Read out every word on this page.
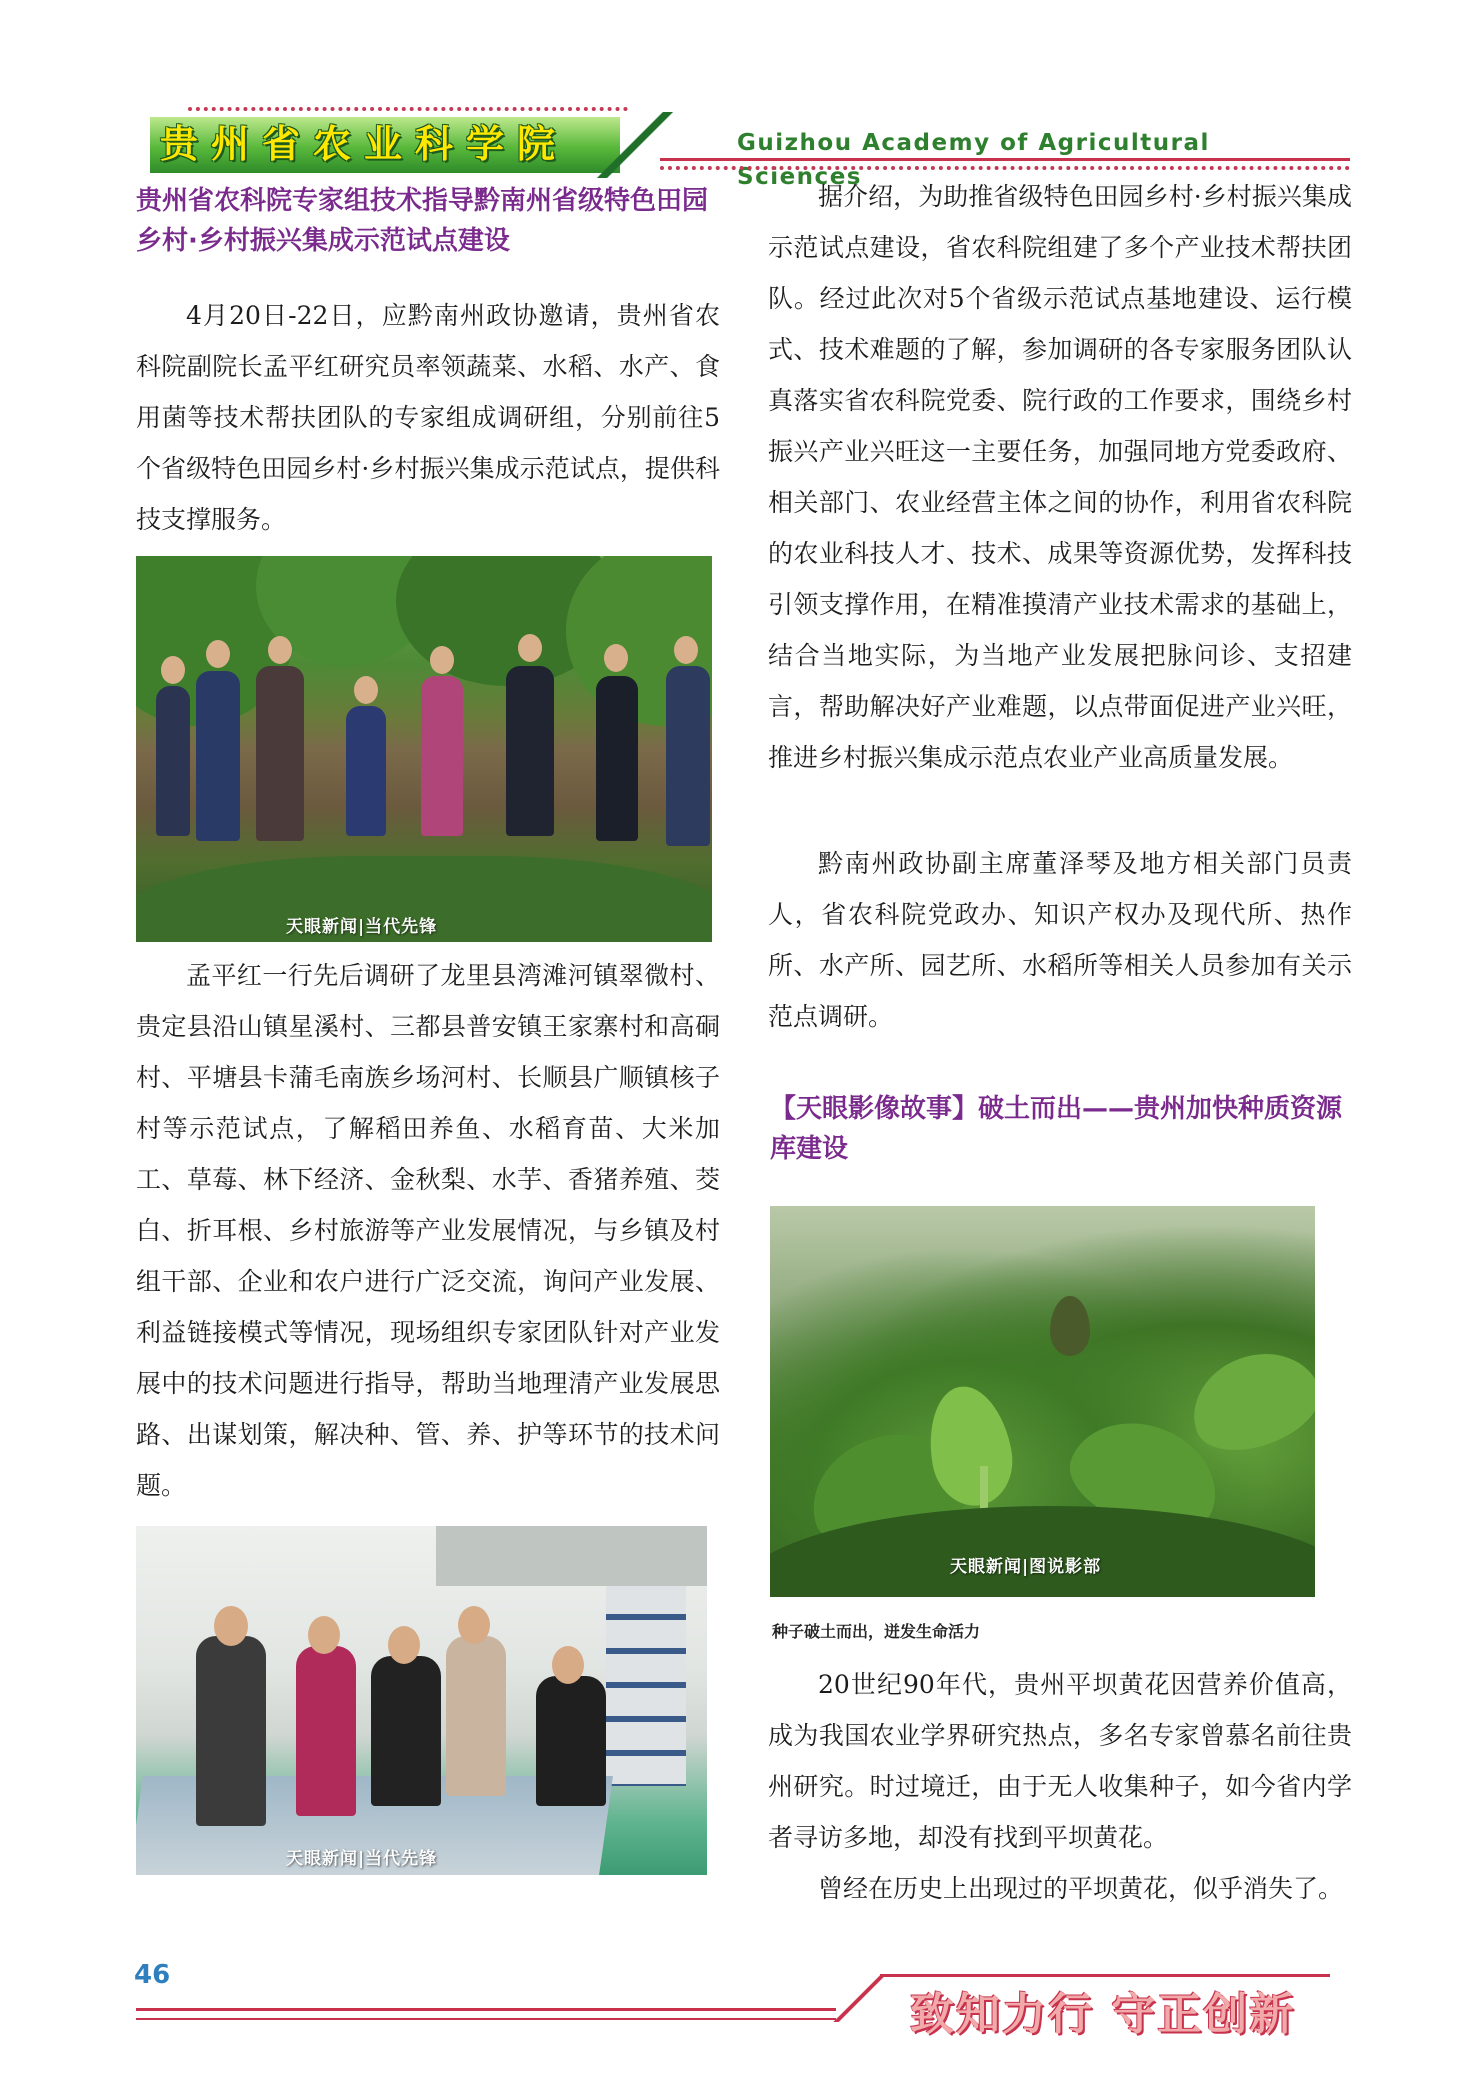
贵州省农业科学院	Guizhou Academy of Agricultural Sciences
贵州省农科院专家组技术指导黔南州省级特色田园乡村·乡村振兴集成示范试点建设
4月20日-22日，应黔南州政协邀请，贵州省农科院副院长孟平红研究员率领蔬菜、水稻、水产、食用菌等技术帮扶团队的专家组成调研组，分别前往5个省级特色田园乡村·乡村振兴集成示范试点，提供科技支撑服务。
天眼新闻|当代先锋
孟平红一行先后调研了龙里县湾滩河镇翠微村、贵定县沿山镇星溪村、三都县普安镇王家寨村和高硐村、平塘县卡蒲毛南族乡场河村、长顺县广顺镇核子村等示范试点，了解稻田养鱼、水稻育苗、大米加工、草莓、林下经济、金秋梨、水芋、香猪养殖、茭白、折耳根、乡村旅游等产业发展情况，与乡镇及村组干部、企业和农户进行广泛交流，询问产业发展、利益链接模式等情况，现场组织专家团队针对产业发展中的技术问题进行指导，帮助当地理清产业发展思路、出谋划策，解决种、管、养、护等环节的技术问题。
天眼新闻|当代先锋
据介绍，为助推省级特色田园乡村·乡村振兴集成示范试点建设，省农科院组建了多个产业技术帮扶团队。经过此次对5个省级示范试点基地建设、运行模式、技术难题的了解，参加调研的各专家服务团队认真落实省农科院党委、院行政的工作要求，围绕乡村振兴产业兴旺这一主要任务，加强同地方党委政府、相关部门、农业经营主体之间的协作，利用省农科院的农业科技人才、技术、成果等资源优势，发挥科技引领支撑作用，在精准摸清产业技术需求的基础上，结合当地实际，为当地产业发展把脉问诊、支招建言，帮助解决好产业难题，以点带面促进产业兴旺，推进乡村振兴集成示范点农业产业高质量发展。
黔南州政协副主席董泽琴及地方相关部门员责人，省农科院党政办、知识产权办及现代所、热作所、水产所、园艺所、水稻所等相关人员参加有关示范点调研。
【天眼影像故事】破土而出——贵州加快种质资源库建设
天眼新闻|图说影部
种子破土而出，迸发生命活力
20世纪90年代，贵州平坝黄花因营养价值高，成为我国农业学界研究热点，多名专家曾慕名前往贵州研究。时过境迁，由于无人收集种子，如今省内学者寻访多地，却没有找到平坝黄花。
曾经在历史上出现过的平坝黄花，似乎消失了。
46
致知力行 守正创新
